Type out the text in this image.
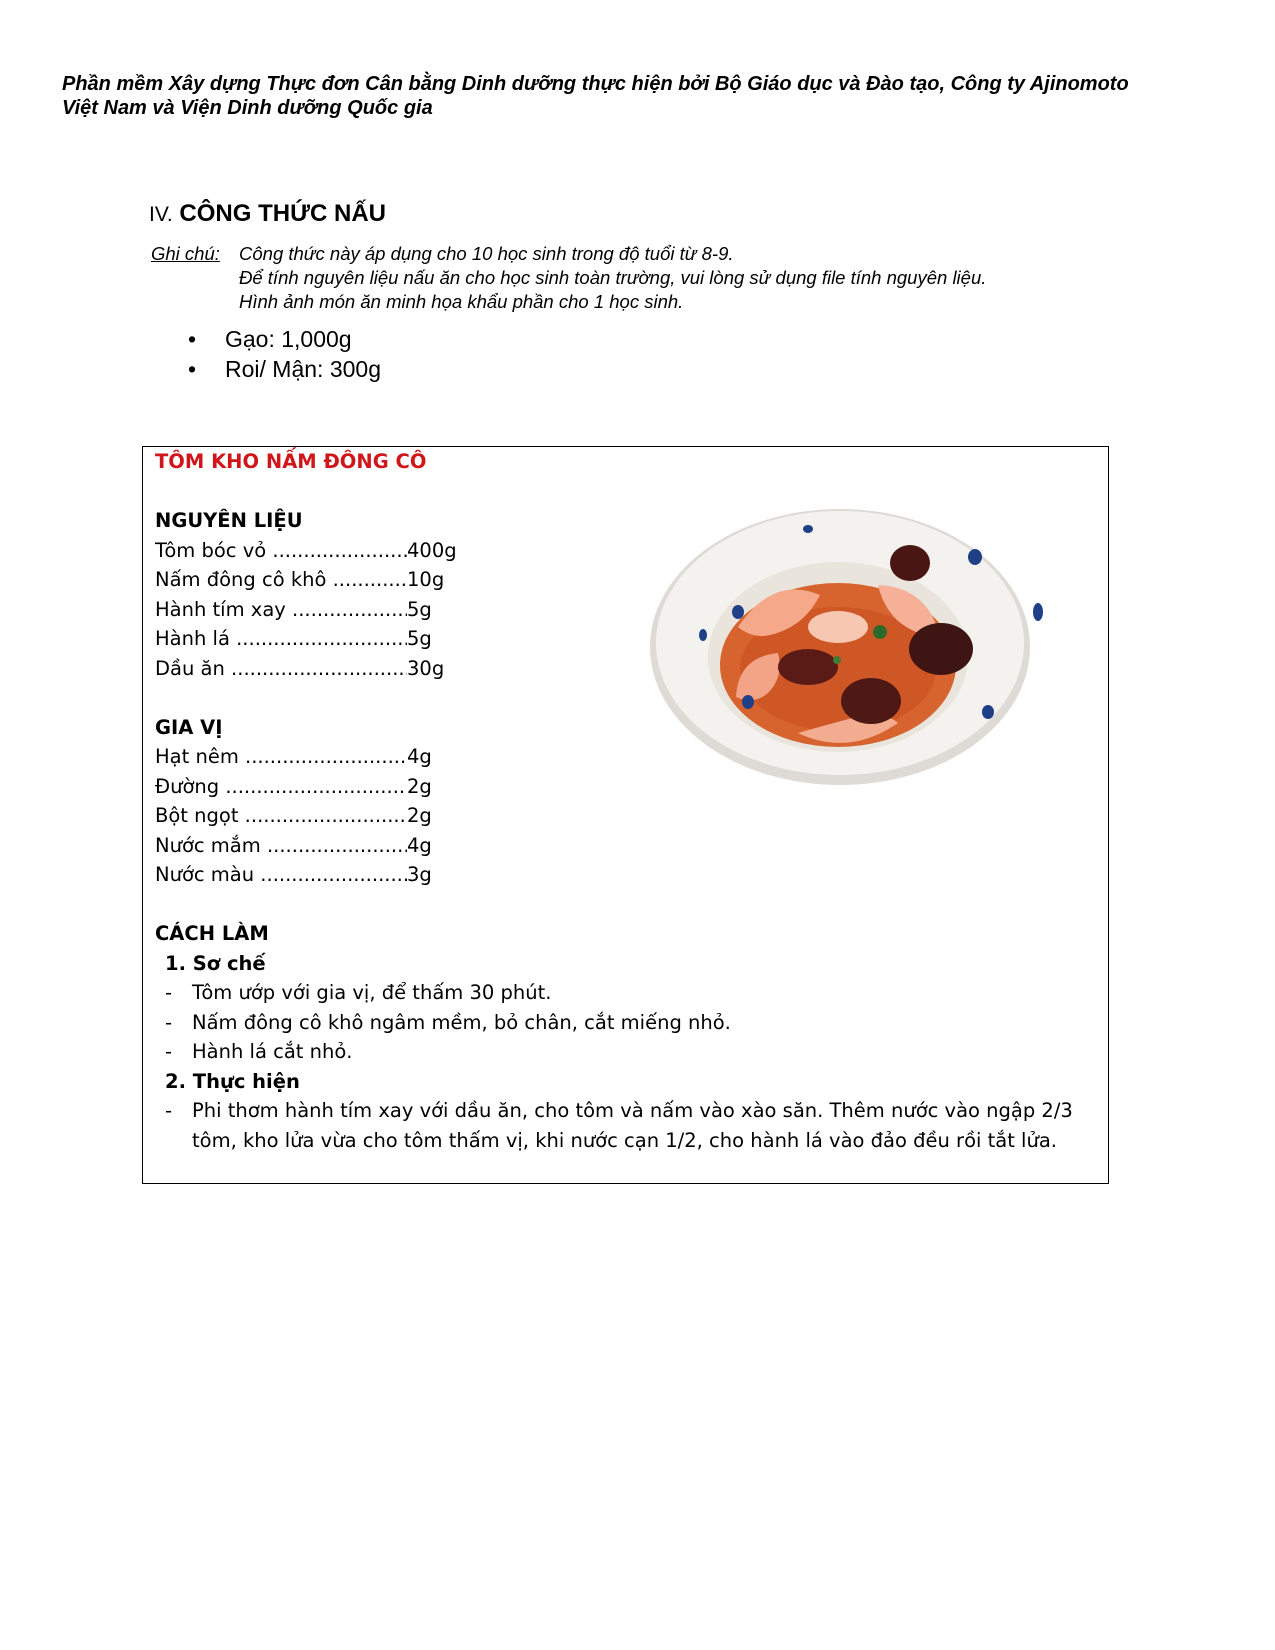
Phần mềm Xây dựng Thực đơn Cân bằng Dinh dưỡng thực hiện bởi Bộ Giáo dục và Đào tạo, Công ty Ajinomoto
Việt Nam và Viện Dinh dưỡng Quốc gia
IV. CÔNG THỨC NẤU
Ghi chú: Công thức này áp dụng cho 10 học sinh trong độ tuổi từ 8-9.
Để tính nguyên liệu nấu ăn cho học sinh toàn trường, vui lòng sử dụng file tính nguyên liệu.
Hình ảnh món ăn minh họa khẩu phần cho 1 học sinh.
• Gạo: 1,000g
• Roi/ Mận: 300g
TÔM KHO NẤM ĐÔNG CÔ
NGUYÊN LIỆU
Tôm bóc vỏ .....	400g
Nấm đông cô khô .....	10g
Hành tím xay .....	5g
Hành lá .....	5g
Dầu ăn .....	30g
GIA VỊ
Hạt nêm .....	4g
Đường .....	2g
Bột ngọt .....	2g
Nước mắm .....	4g
Nước màu .....	3g
CÁCH LÀM
1. Sơ chế
- Tôm ướp với gia vị, để thấm 30 phút.
- Nấm đông cô khô ngâm mềm, bỏ chân, cắt miếng nhỏ.
- Hành lá cắt nhỏ.
2. Thực hiện
- Phi thơm hành tím xay với dầu ăn, cho tôm và nấm vào xào săn. Thêm nước vào ngập 2/3 tôm, kho lửa vừa cho tôm thấm vị, khi nước cạn 1/2, cho hành lá vào đảo đều rồi tắt lửa.
